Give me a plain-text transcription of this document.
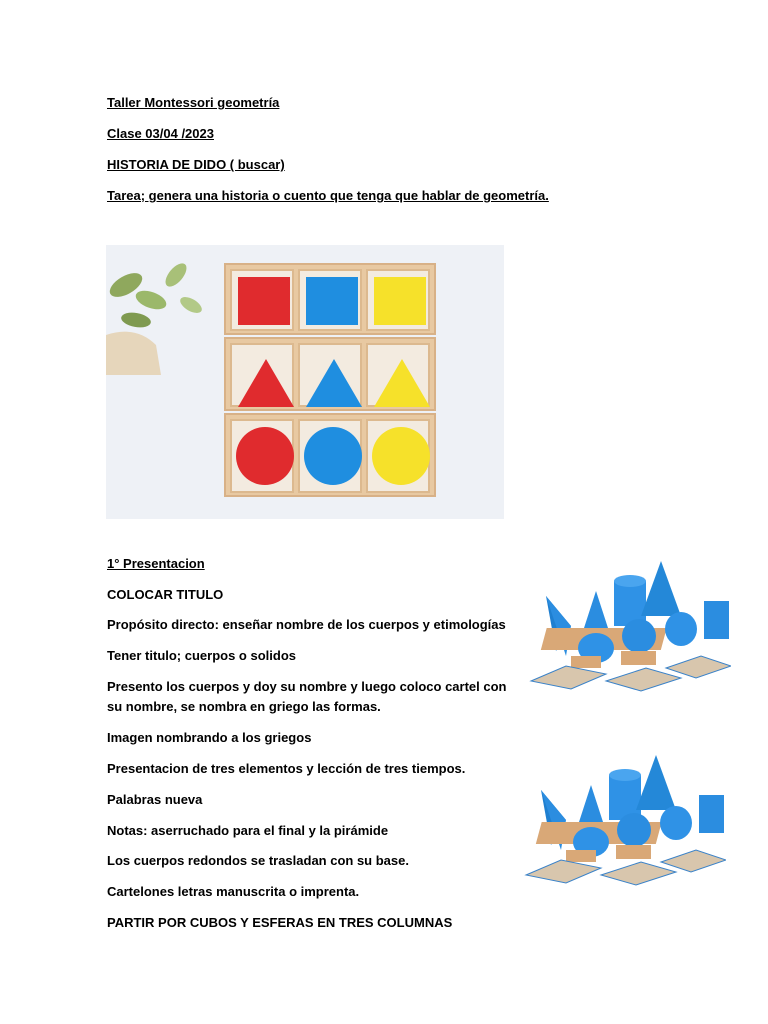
Taller Montessori geometría
Clase 03/04 /2023
HISTORIA DE DIDO ( buscar)
Tarea; genera una historia o cuento que tenga que hablar de geometría.
1° Presentacion
COLOCAR TITULO
Propósito directo: enseñar nombre de los cuerpos y etimologías
Tener titulo; cuerpos o solidos
Presento los cuerpos y doy su nombre y luego coloco cartel con su nombre, se nombra en griego las formas.
Imagen nombrando a los griegos
Presentacion de tres elementos y lección de tres tiempos.
Palabras nueva
Notas: aserruchado para el final y la pirámide
Los cuerpos redondos se trasladan con su base.
Cartelones letras manuscrita o imprenta.
PARTIR POR CUBOS Y ESFERAS EN TRES COLUMNAS
